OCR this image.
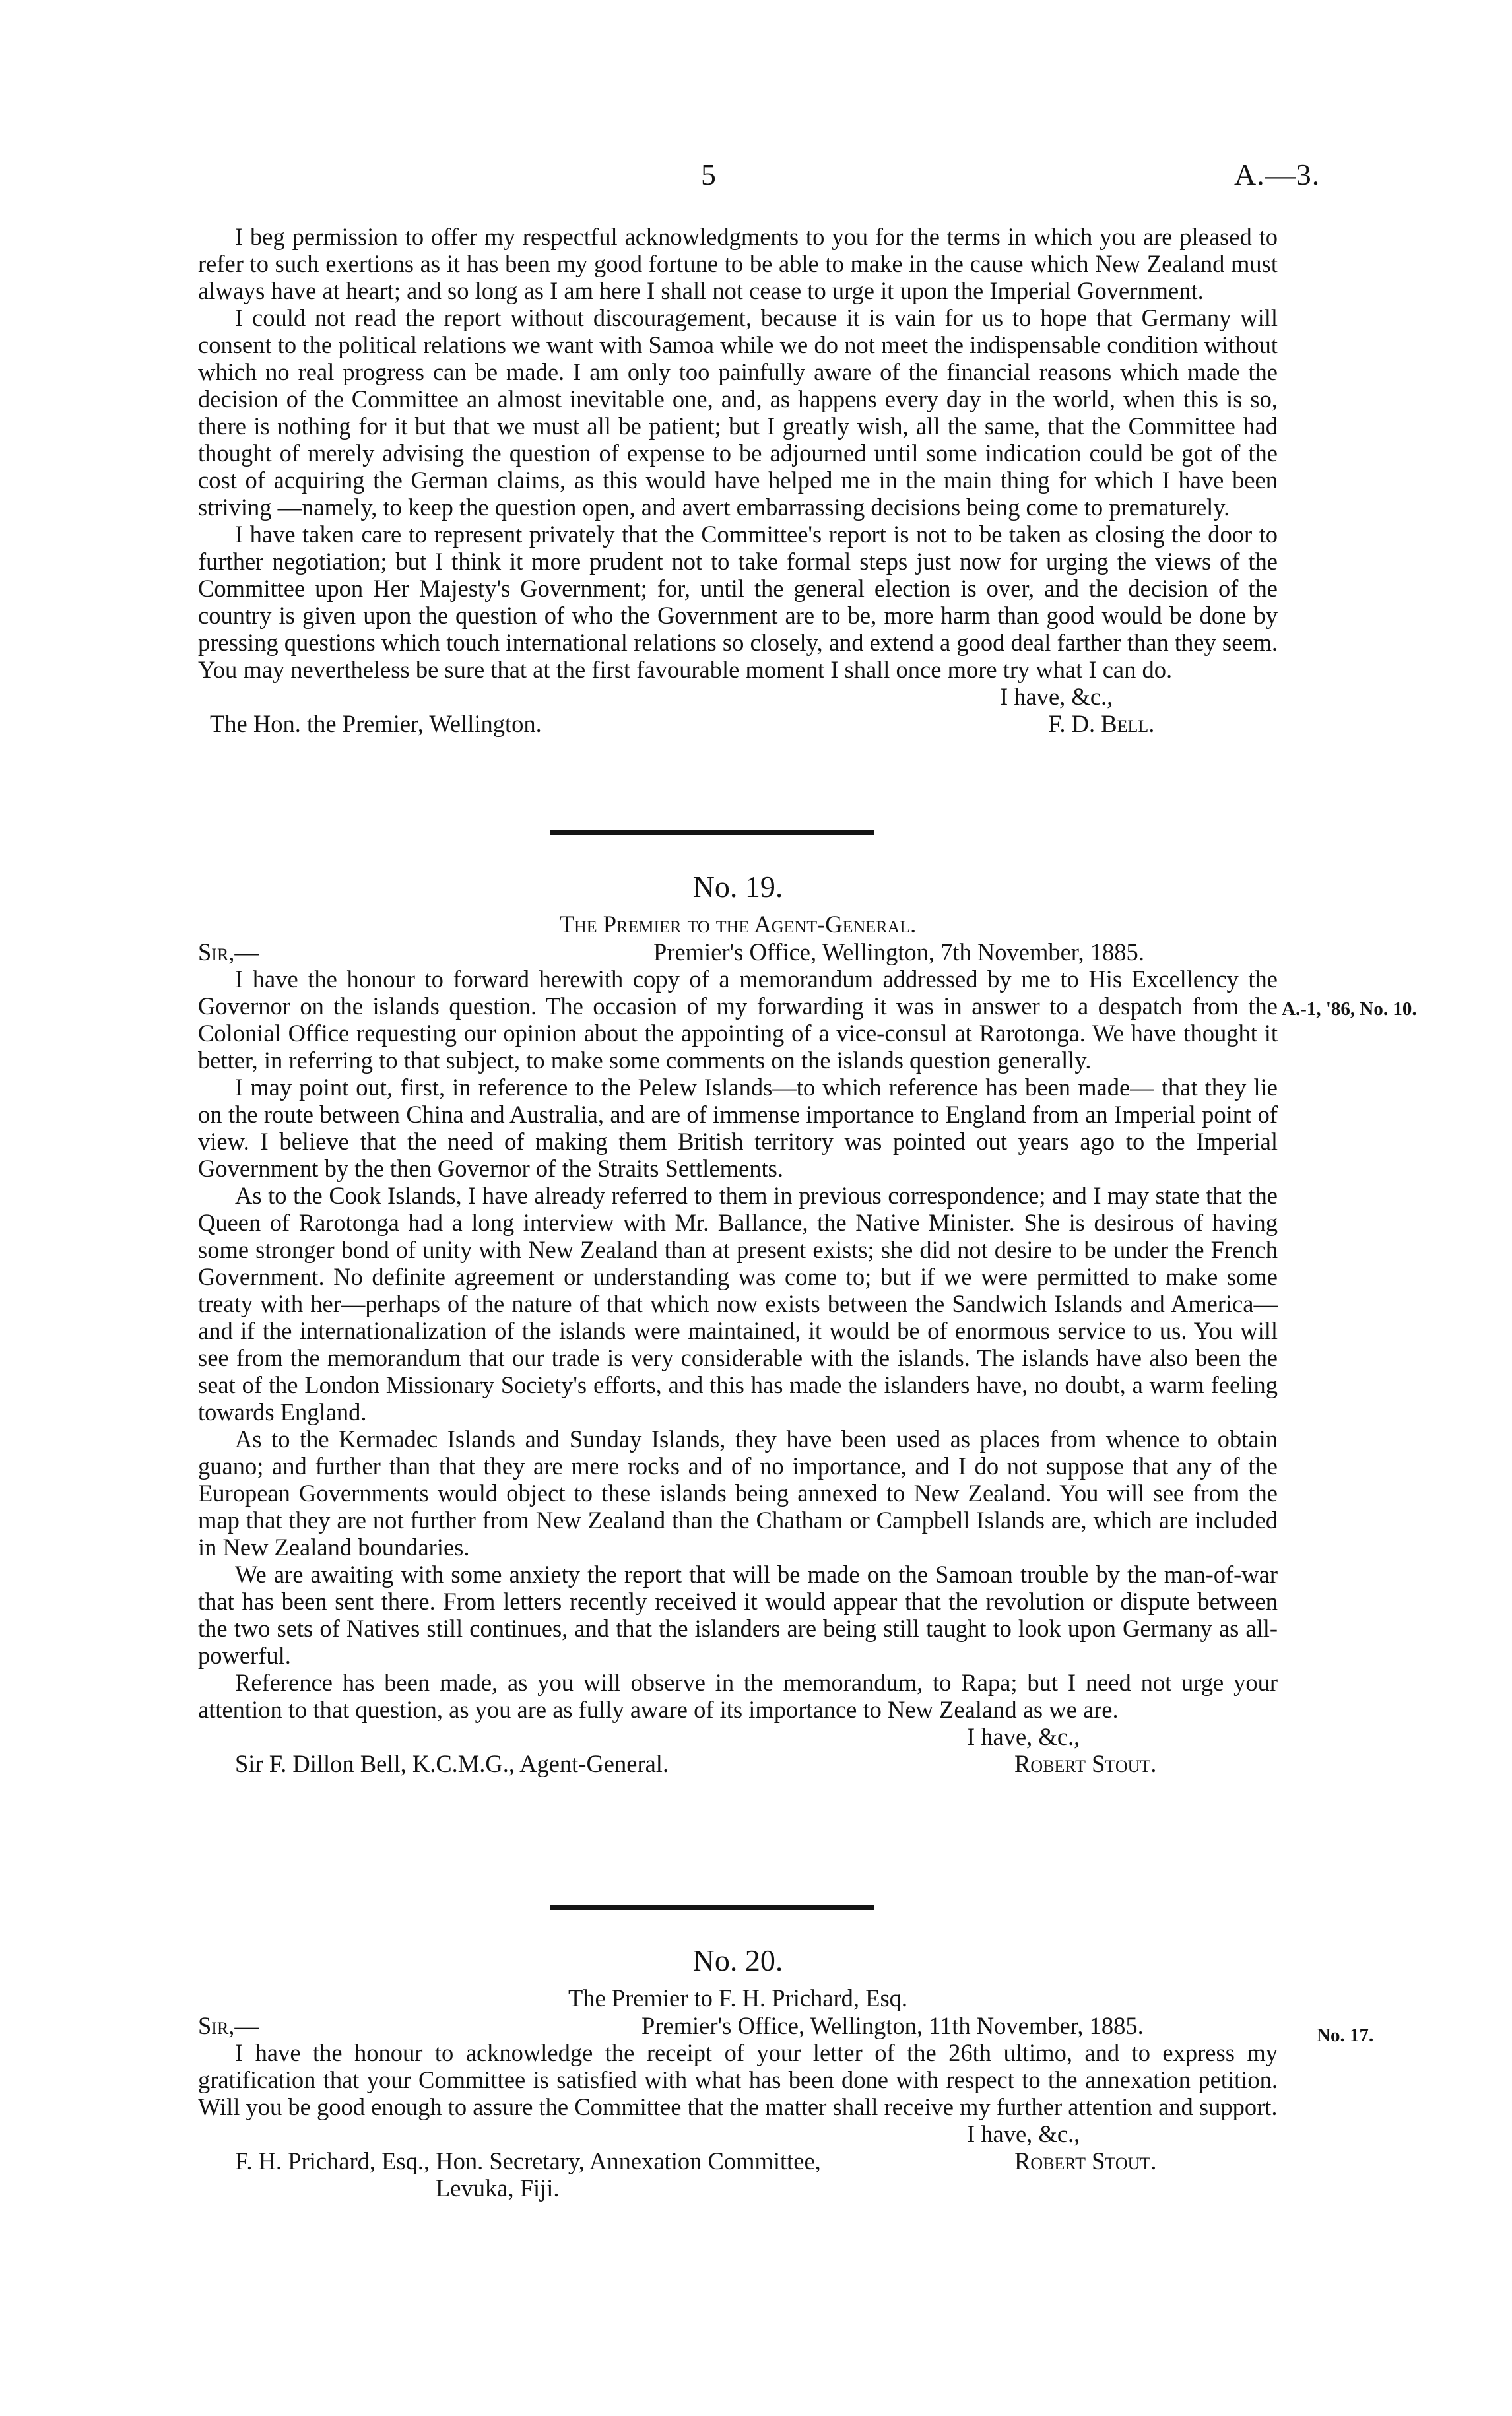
5	A.—3.

I beg permission to offer my respectful acknowledgments to you for the terms in which you are pleased to refer to such exertions as it has been my good fortune to be able to make in the cause which New Zealand must always have at heart; and so long as I am here I shall not cease to urge it upon the Imperial Government.

I could not read the report without discouragement, because it is vain for us to hope that Germany will consent to the political relations we want with Samoa while we do not meet the indispensable condition without which no real progress can be made. I am only too painfully aware of the financial reasons which made the decision of the Committee an almost inevitable one, and, as happens every day in the world, when this is so, there is nothing for it but that we must all be patient; but I greatly wish, all the same, that the Committee had thought of merely advising the question of expense to be adjourned until some indication could be got of the cost of acquiring the German claims, as this would have helped me in the main thing for which I have been striving —namely, to keep the question open, and avert embarrassing decisions being come to prematurely.

I have taken care to represent privately that the Committee's report is not to be taken as closing the door to further negotiation; but I think it more prudent not to take formal steps just now for urging the views of the Committee upon Her Majesty's Government; for, until the general election is over, and the decision of the country is given upon the question of who the Government are to be, more harm than good would be done by pressing questions which touch international relations so closely, and extend a good deal farther than they seem. You may nevertheless be sure that at the first favourable moment I shall once more try what I can do.

I have, &c.,
The Hon. the Premier, Wellington.	F. D. Bell.
No. 19.
The Premier to the Agent-General.
Sir,—	Premier's Office, Wellington, 7th November, 1885.

I have the honour to forward herewith copy of a memorandum addressed by me to His Excellency the Governor on the islands question. The occasion of my forwarding it was in answer to a despatch from the Colonial Office requesting our opinion about the appointing of a vice-consul at Rarotonga. We have thought it better, in referring to that subject, to make some comments on the islands question generally.

I may point out, first, in reference to the Pelew Islands—to which reference has been made— that they lie on the route between China and Australia, and are of immense importance to England from an Imperial point of view. I believe that the need of making them British territory was pointed out years ago to the Imperial Government by the then Governor of the Straits Settlements.

As to the Cook Islands, I have already referred to them in previous correspondence; and I may state that the Queen of Rarotonga had a long interview with Mr. Ballance, the Native Minister. She is desirous of having some stronger bond of unity with New Zealand than at present exists; she did not desire to be under the French Government. No definite agreement or understanding was come to; but if we were permitted to make some treaty with her—perhaps of the nature of that which now exists between the Sandwich Islands and America—and if the internationalization of the islands were maintained, it would be of enormous service to us. You will see from the memorandum that our trade is very considerable with the islands. The islands have also been the seat of the London Missionary Society's efforts, and this has made the islanders have, no doubt, a warm feeling towards England.

As to the Kermadec Islands and Sunday Islands, they have been used as places from whence to obtain guano; and further than that they are mere rocks and of no importance, and I do not suppose that any of the European Governments would object to these islands being annexed to New Zealand. You will see from the map that they are not further from New Zealand than the Chatham or Campbell Islands are, which are included in New Zealand boundaries.

We are awaiting with some anxiety the report that will be made on the Samoan trouble by the man-of-war that has been sent there. From letters recently received it would appear that the revolution or dispute between the two sets of Natives still continues, and that the islanders are being still taught to look upon Germany as all-powerful.

Reference has been made, as you will observe in the memorandum, to Rapa; but I need not urge your attention to that question, as you are as fully aware of its importance to New Zealand as we are.

I have, &c.,
Sir F. Dillon Bell, K.C.M.G., Agent-General.	Robert Stout.
A.-1, '86, No. 10.
No. 20.
The Premier to F. H. Prichard, Esq.
Sir,—	Premier's Office, Wellington, 11th November, 1885.

I have the honour to acknowledge the receipt of your letter of the 26th ultimo, and to express my gratification that your Committee is satisfied with what has been done with respect to the annexation petition. Will you be good enough to assure the Committee that the matter shall receive my further attention and support.

I have, &c.,
F. H. Prichard, Esq., Hon. Secretary, Annexation Committee,	Robert Stout.
Levuka, Fiji.
No. 17.
